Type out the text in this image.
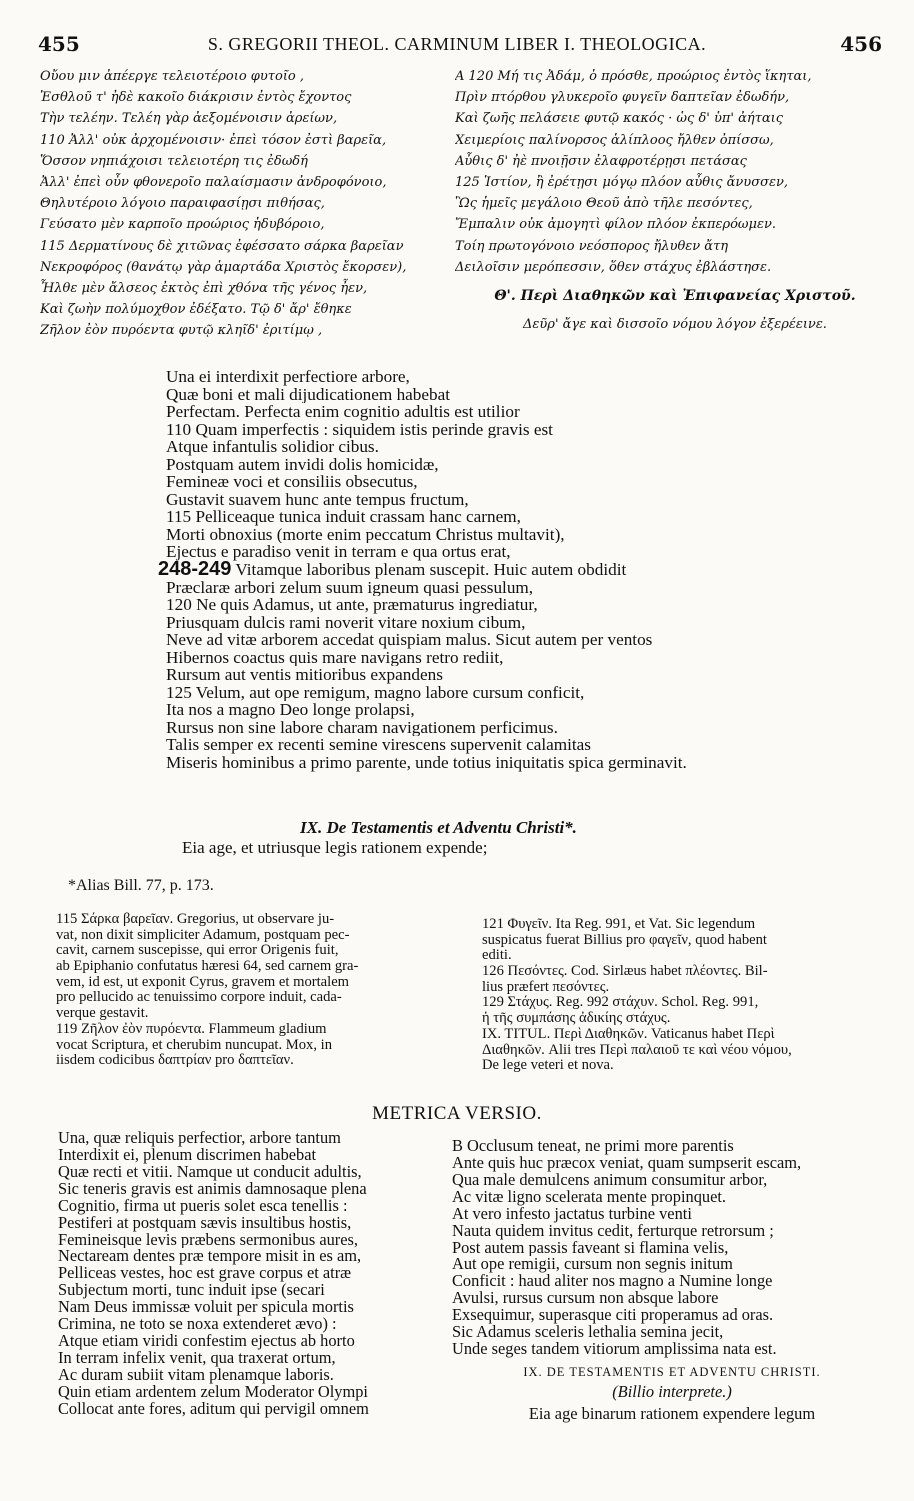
455	S. GREGORII THEOL. CARMINUM LIBER I. THEOLOGICA.	456
Οὔου μιν ἀπέεργε τελειοτέροιο φυτοῖο ,
Ἐσθλοῦ τ' ἠδὲ κακοῖο διάκρισιν ἐντὸς ἔχοντος
Τὴν τελέην. Τελέη γὰρ ἀεξομένοισιν ἀρείων,
110 Ἀλλ' οὐκ ἀρχομένοισιν· ἐπεὶ τόσον ἐστὶ βαρεῖα,
Ὅσσον νηπιάχοισι τελειοτέρη τις ἐδωδή
Ἀλλ' ἐπεὶ οὖν φθονεροῖο παλαίσμασιν ἀνδροφόνοιο,
Θηλυτέροιο λόγοιο παραιφασίῃσι πιθήσας,
Γεύσατο μὲν καρποῖο προώριος ἡδυβόροιο,
115 Δερματίνους δὲ χιτῶνας ἐφέσσατο σάρκα βαρεῖαν
Νεκροφόρος (θανάτῳ γὰρ ἁμαρτάδα Χριστὸς ἔκορσεν),
Ἦλθε μὲν ἄλσεος ἐκτὸς ἐπὶ χθόνα τῆς γένος ἦεν,
Καὶ ζωὴν πολύμοχθον ἐδέξατο. Τῷ δ' ἄρ' ἔθηκε
Ζῆλον ἐὸν πυρόεντα φυτῷ κληῖδ' ἐριτίμῳ ,
A 120 Μή τις Ἀδάμ, ὁ πρόσθε, προώριος ἐντὸς ἵκηται,
Πρὶν πτόρθου γλυκεροῖο φυγεῖν δαπτεῖαν ἐδωδήν,
Καὶ ζωῆς πελάσειε φυτῷ κακός · ὡς δ' ὑπ' ἀήταις
Χειμερίοις παλίνορσος ἁλίπλοος ἤλθεν ὀπίσσω,
Αὖθις δ' ἠὲ πνοιῇσιν ἐλαφροτέρῃσι πετάσας
125 Ἱστίον, ἢ ἐρέτῃσι μόγῳ πλόον αὖθις ἄνυσσεν,
Ὣς ἡμεῖς μεγάλοιο Θεοῦ ἀπὸ τῆλε πεσόντες,
Ἔμπαλιν οὐκ ἀμογητὶ φίλον πλόον ἐκπερόωμεν.
Τοίη πρωτογόνοιο νεόσπορος ἤλυθεν ἄτη
Δειλοῖσιν μερόπεσσιν, ὅθεν στάχυς ἐβλάστησε.
Θ'. Περὶ Διαθηκῶν καὶ Ἐπιφανείας Χριστοῦ.
Δεῦρ' ἄγε καὶ δισσοῖο νόμου λόγον ἐξερέεινε.
Una ei interdixit perfectiore arbore,
Quæ boni et mali dijudicationem habebat
Perfectam. Perfecta enim cognitio adultis est utilior
110 Quam imperfectis : siquidem istis perinde gravis est
Atque infantulis solidior cibus.
Postquam autem invidi dolis homicidæ,
Femineæ voci et consiliis obsecutus,
Gustavit suavem hunc ante tempus fructum,
115 Pelliceaque tunica induit crassam hanc carnem,
Morti obnoxius (morte enim peccatum Christus multavit),
Ejectus e paradiso venit in terram e qua ortus erat,
248-249 Vitamque laboribus plenam suscepit. Huic autem obdidit
Præclaræ arbori zelum suum igneum quasi pessulum,
120 Ne quis Adamus, ut ante, præmaturus ingrediatur,
Priusquam dulcis rami noverit vitare noxium cibum,
Neve ad vitæ arborem accedat quispiam malus. Sicut autem per ventos
Hibernos coactus quis mare navigans retro rediit,
Rursum aut ventis mitioribus expandens
125 Velum, aut ope remigum, magno labore cursum conficit,
Ita nos a magno Deo longe prolapsi,
Rursus non sine labore charam navigationem perficimus.
Talis semper ex recenti semine virescens supervenit calamitas
Miseris hominibus a primo parente, unde totius iniquitatis spica germinavit.
IX. De Testamentis et Adventu Christi*.
Eia age, et utriusque legis rationem expende;
*Alias Bill. 77, p. 173.
115 Σάρκα βαρεῖαν. Gregorius, ut observare ju-
vat, non dixit simpliciter Adamum, postquam pec-
cavit, carnem suscepisse, qui error Origenis fuit,
ab Epiphanio confutatus hæresi 64, sed carnem gra-
vem, id est, ut exponit Cyrus, gravem et mortalem
pro pellucido ac tenuissimo corpore induit, cada-
verque gestavit.
119 Ζῆλον ἐὸν πυρόεντα. Flammeum gladium
vocat Scriptura, et cherubim nuncupat. Mox, in
iisdem codicibus δαπτρίαν pro δαπτεῖαν.
121 Φυγεῖν. Ita Reg. 991, et Vat. Sic legendum
suspicatus fuerat Billius pro φαγεῖν, quod habent
editi.
126 Πεσόντες. Cod. Sirlæus habet πλέοντες. Bil-
lius præfert πεσόντες.
129 Στάχυς. Reg. 992 στάχυν. Schol. Reg. 991,
ἡ τῆς συμπάσης ἀδικίης στάχυς.
IX. TITUL. Περὶ Διαθηκῶν. Vaticanus habet Περὶ
Διαθηκῶν. Alii tres Περὶ παλαιοῦ τε καὶ νέου νόμου,
De lege veteri et nova.
METRICA VERSIO.
Una, quæ reliquis perfectior, arbore tantum
Interdixit ei, plenum discrimen habebat
Quæ recti et vitii. Namque ut conducit adultis,
Sic teneris gravis est animis damnosaque plena
Cognitio, firma ut pueris solet esca tenellis :
Pestiferi at postquam sævis insultibus hostis,
Femineisque levis præbens sermonibus aures,
Nectaream dentes præ tempore misit in es am,
Pelliceas vestes, hoc est grave corpus et atræ
Subjectum morti, tunc induit ipse (secari
Nam Deus immissæ voluit per spicula mortis
Crimina, ne toto se noxa extenderet ævo) :
Atque etiam viridi confestim ejectus ab horto
In terram infelix venit, qua traxerat ortum,
Ac duram subiit vitam plenamque laboris.
Quin etiam ardentem zelum Moderator Olympi
Collocat ante fores, aditum qui pervigil omnem
B Occlusum teneat, ne primi more parentis
Ante quis huc præcox veniat, quam sumpserit escam,
Qua male demulcens animum consumitur arbor,
Ac vitæ ligno scelerata mente propinquet.
At vero infesto jactatus turbine venti
Nauta quidem invitus cedit, ferturque retrorsum ;
Post autem passis faveant si flamina velis,
Aut ope remigii, cursum non segnis initum
Conficit : haud aliter nos magno a Numine longe
Avulsi, rursus cursum non absque labore
Exsequimur, superasque citi properamus ad oras.
Sic Adamus sceleris lethalia semina jecit,
Unde seges tandem vitiorum amplissima nata est.
IX. DE TESTAMENTIS ET ADVENTU CHRISTI.
(Billio interprete.)
Eia age binarum rationem expendere legum
